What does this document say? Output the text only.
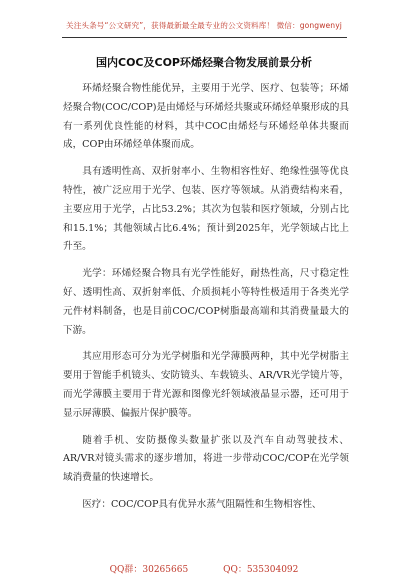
关注头条号“公文研究”，获得最新最全最专业的公文资料库！ 微信：gongwenyj
国内COC及COP环烯烃聚合物发展前景分析

环烯烃聚合物性能优异，主要用于光学、医疗、包装等；环烯烃聚合物(COC/COP)是由烯烃与环烯烃共聚或环烯烃单聚形成的具有一系列优良性能的材料，其中COC由烯烃与环烯烃单体共聚而成，COP由环烯烃单体聚而成。

具有透明性高、双折射率小、生物相容性好、绝缘性强等优良特性，被广泛应用于光学、包装、医疗等领域。从消费结构来看，主要应用于光学，占比53.2%；其次为包装和医疗领域，分别占比和15.1%；其他领域占比6.4%；预计到2025年，光学领域占比上升至。

光学：环烯烃聚合物具有光学性能好，耐热性高，尺寸稳定性好、透明性高、双折射率低、介质损耗小等特性极适用于各类光学元件材料制备，也是目前COC/COP树脂最高端和其消费量最大的下游。

其应用形态可分为光学树脂和光学薄膜两种，其中光学树脂主要用于智能手机镜头、安防镜头、车载镜头、AR/VR光学镜片等，而光学薄膜主要用于背光源和图像光纤领域液晶显示器，还可用于显示屏薄膜、偏振片保护膜等。

随着手机、安防摄像头数量扩张以及汽车自动驾驶技术、AR/VR对镜头需求的逐步增加，将进一步带动COC/COP在光学领域消费量的快速增长。

医疗：COC/COP具有优异水蒸气阻隔性和生物相容性、

QQ群：30265665	QQ：535304092
